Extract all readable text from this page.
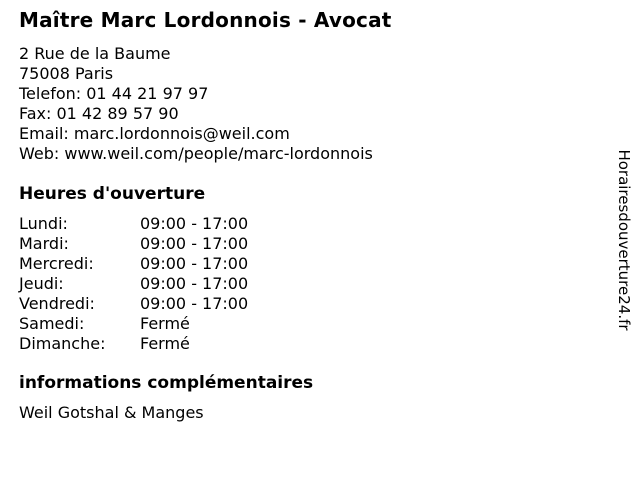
Maître Marc Lordonnois - Avocat
2 Rue de la Baume
75008 Paris
Telefon: 01 44 21 97 97
Fax: 01 42 89 57 90
Email: marc.lordonnois@weil.com
Web: www.weil.com/people/marc-lordonnois
Heures d'ouverture
Lundi:	09:00 - 17:00
Mardi:	09:00 - 17:00
Mercredi:	09:00 - 17:00
Jeudi:	09:00 - 17:00
Vendredi:	09:00 - 17:00
Samedi:	Fermé
Dimanche: Fermé
informations complémentaires
Weil Gotshal & Manges
Horairesdouverture24.fr
